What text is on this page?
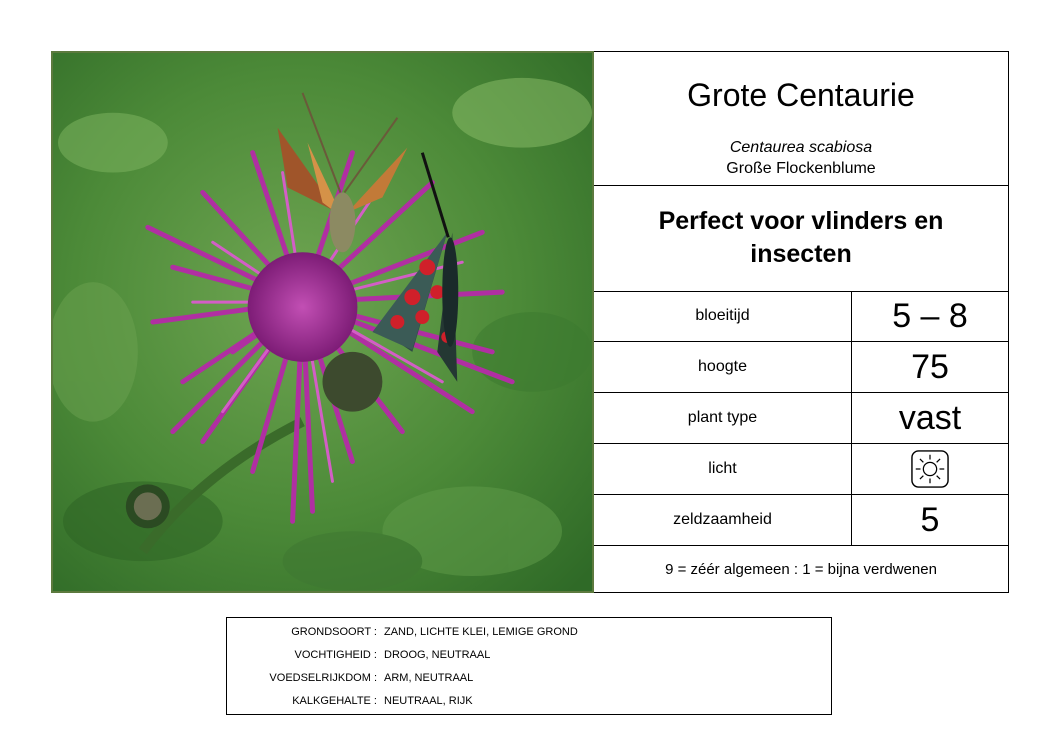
Grote Centaurie
Centaurea scabiosa
Große Flockenblume
Perfect voor vlinders en
insecten
bloeitijd	5 – 8
hoogte	75
plant type	vast
licht
zeldzaamheid	5
9 = zéér algemeen : 1 = bijna verdwenen
GRONDSOORT : ZAND, LICHTE KLEI, LEMIGE GROND
VOCHTIGHEID : DROOG, NEUTRAAL
VOEDSELRIJKDOM : ARM, NEUTRAAL
KALKGEHALTE : NEUTRAAL, RIJK
